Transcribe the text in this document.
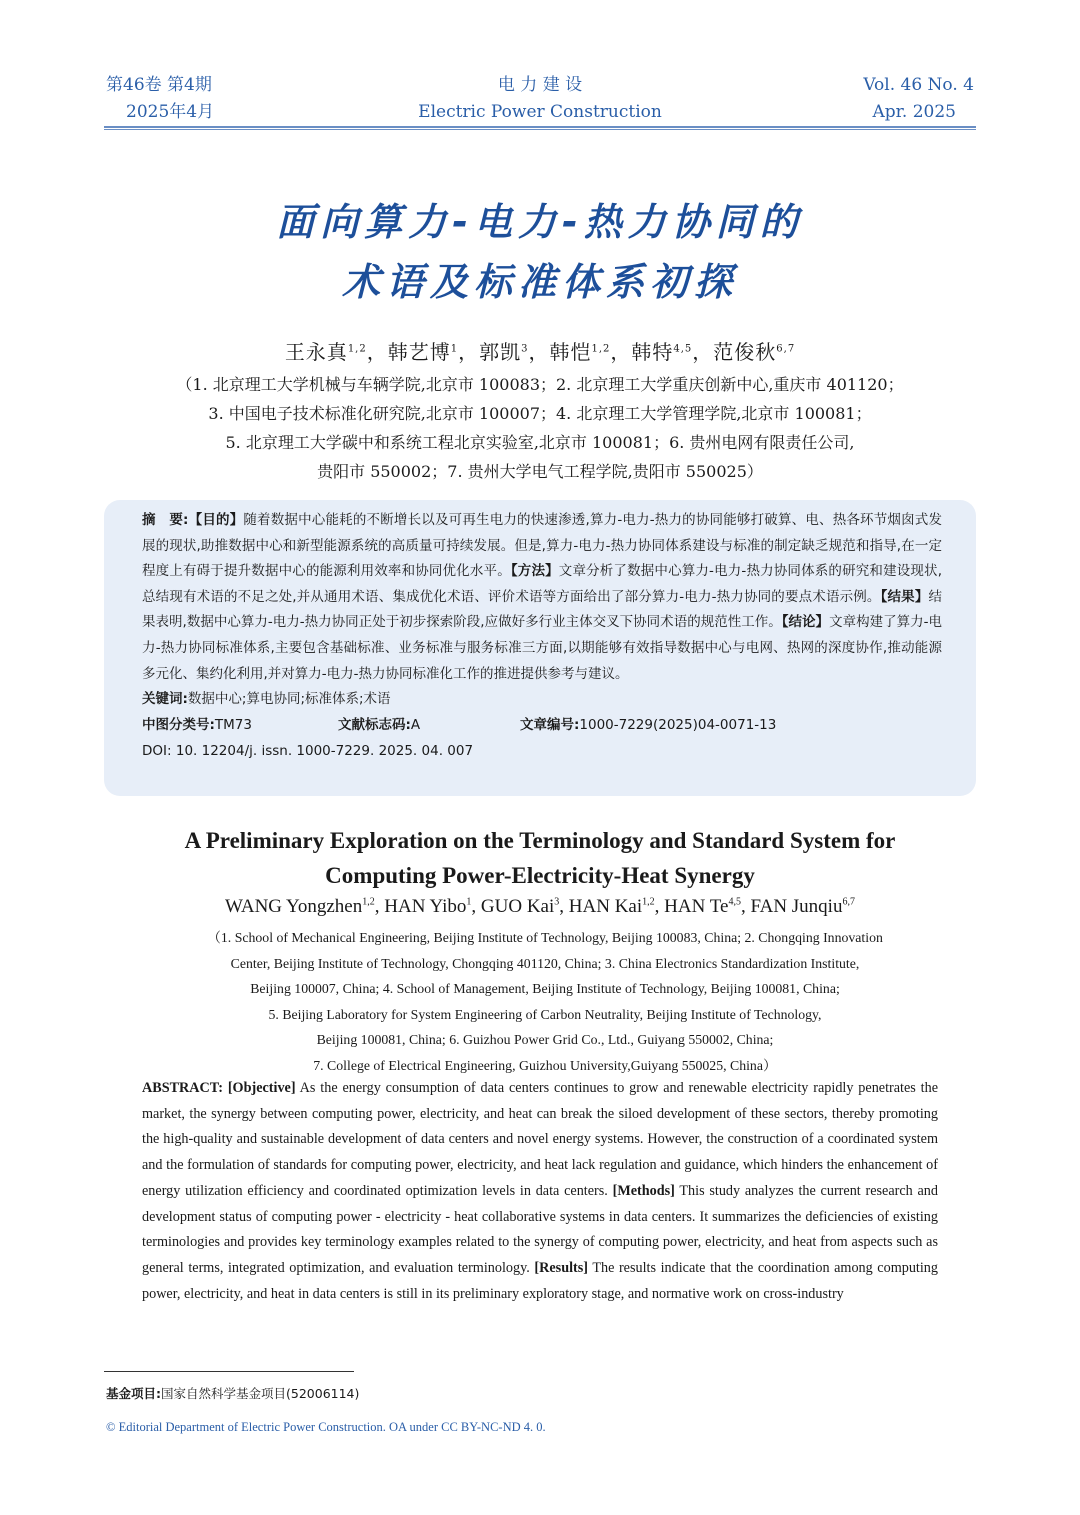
第46卷 第4期
2025年4月
电 力 建 设
Electric Power Construction
Vol. 46 No. 4
Apr. 2025
面向算力-电力-热力协同的
术语及标准体系初探
王永真$^{1,2}$，韩艺博$^1$，郭凯$^3$，韩恺$^{1,2}$，韩特$^{4,5}$，范俊秋$^{6,7}$
（1. 北京理工大学机械与车辆学院,北京市 100083；2. 北京理工大学重庆创新中心,重庆市 401120；
3. 中国电子技术标准化研究院,北京市 100007；4. 北京理工大学管理学院,北京市 100081；
5. 北京理工大学碳中和系统工程北京实验室,北京市 100081；6. 贵州电网有限责任公司,
贵阳市 550002；7. 贵州大学电气工程学院,贵阳市 550025）
摘　要:【目的】随着数据中心能耗的不断增长以及可再生电力的快速渗透,算力-电力-热力的协同能够打破算、电、热各环节烟囱式发展的现状,助推数据中心和新型能源系统的高质量可持续发展。但是,算力-电力-热力协同体系建设与标准的制定缺乏规范和指导,在一定程度上有碍于提升数据中心的能源利用效率和协同优化水平。【方法】文章分析了数据中心算力-电力-热力协同体系的研究和建设现状,总结现有术语的不足之处,并从通用术语、集成优化术语、评价术语等方面给出了部分算力-电力-热力协同的要点术语示例。【结果】结果表明,数据中心算力-电力-热力协同正处于初步探索阶段,应做好多行业主体交叉下协同术语的规范性工作。【结论】文章构建了算力-电力-热力协同标准体系,主要包含基础标准、业务标准与服务标准三方面,以期能够有效指导数据中心与电网、热网的深度协作,推动能源多元化、集约化利用,并对算力-电力-热力协同标准化工作的推进提供参考与建议。
关键词:数据中心;算电协同;标准体系;术语
中图分类号:TM73	文献标志码:A	文章编号:1000-7229(2025)04-0071-13
DOI: 10. 12204/j. issn. 1000-7229. 2025. 04. 007
A Preliminary Exploration on the Terminology and Standard System for
Computing Power-Electricity-Heat Synergy
WANG Yongzhen$^{1,2}$, HAN Yibo$^1$, GUO Kai$^3$, HAN Kai$^{1,2}$, HAN Te$^{4,5}$, FAN Junqiu$^{6,7}$
（1. School of Mechanical Engineering, Beijing Institute of Technology, Beijing 100083, China; 2. Chongqing Innovation
Center, Beijing Institute of Technology, Chongqing 401120, China; 3. China Electronics Standardization Institute,
Beijing 100007, China; 4. School of Management, Beijing Institute of Technology, Beijing 100081, China;
5. Beijing Laboratory for System Engineering of Carbon Neutrality, Beijing Institute of Technology,
Beijing 100081, China; 6. Guizhou Power Grid Co., Ltd., Guiyang 550002, China;
7. College of Electrical Engineering, Guizhou University,Guiyang 550025, China）
ABSTRACT: [Objective] As the energy consumption of data centers continues to grow and renewable electricity rapidly penetrates the market, the synergy between computing power, electricity, and heat can break the siloed development of these sectors, thereby promoting the high-quality and sustainable development of data centers and novel energy systems. However, the construction of a coordinated system and the formulation of standards for computing power, electricity, and heat lack regulation and guidance, which hinders the enhancement of energy utilization efficiency and coordinated optimization levels in data centers. [Methods] This study analyzes the current research and development status of computing power - electricity - heat collaborative systems in data centers. It summarizes the deficiencies of existing terminologies and provides key terminology examples related to the synergy of computing power, electricity, and heat from aspects such as general terms, integrated optimization, and evaluation terminology. [Results] The results indicate that the coordination among computing power, electricity, and heat in data centers is still in its preliminary exploratory stage, and normative work on cross-industry
基金项目:国家自然科学基金项目(52006114)
© Editorial Department of Electric Power Construction. OA under CC BY-NC-ND 4. 0.
